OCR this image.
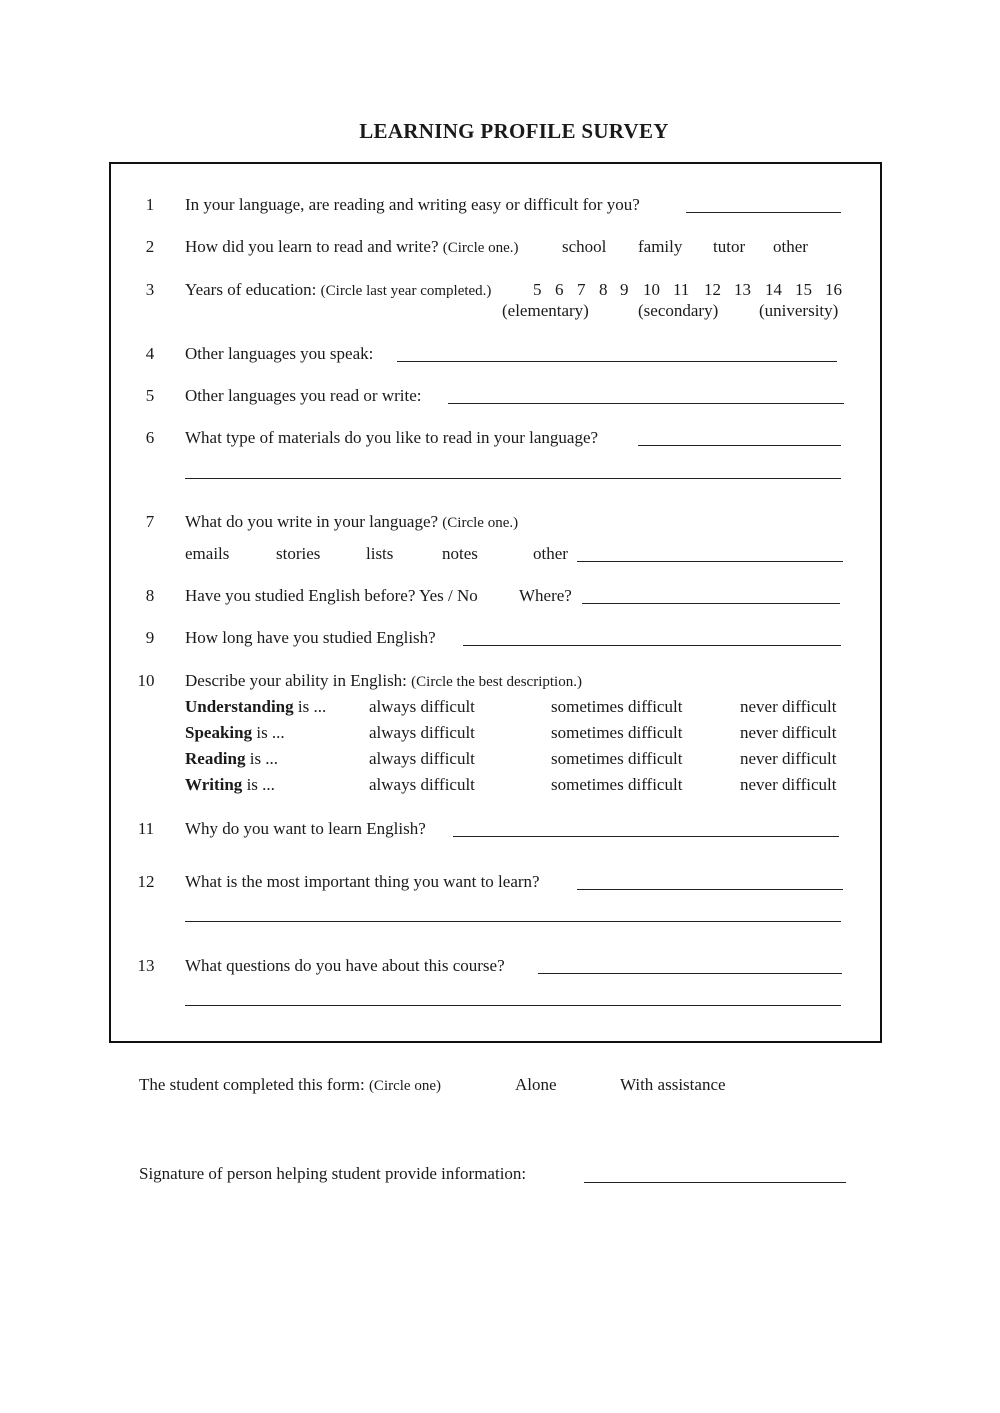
LEARNING PROFILE SURVEY
1	In your language, are reading and writing easy or difficult for you?
2	How did you learn to read and write? (Circle one.)	school family tutor other
3	Years of education: (Circle last year completed.) 5 6 7 8 9 10 11 12 13 14 15 16
(elementary)	(secondary) (university)
4	Other languages you speak:
5	Other languages you read or write:
6	What type of materials do you like to read in your language?
7	What do you write in your language? (Circle one.)
emails	stories	lists	notes	other
8	Have you studied English before? Yes / No Where?
9	How long have you studied English?
10 Describe your ability in English: (Circle the best description.)
Understanding is ...	always difficult	sometimes difficult	never difficult
Speaking is ...	always difficult	sometimes difficult	never difficult
Reading is ...	always difficult	sometimes difficult	never difficult
Writing is ...	always difficult	sometimes difficult	never difficult
11 Why do you want to learn English?
12 What is the most important thing you want to learn?
13 What questions do you have about this course?
The student completed this form: (Circle one)	Alone	With assistance
Signature of person helping student provide information:
